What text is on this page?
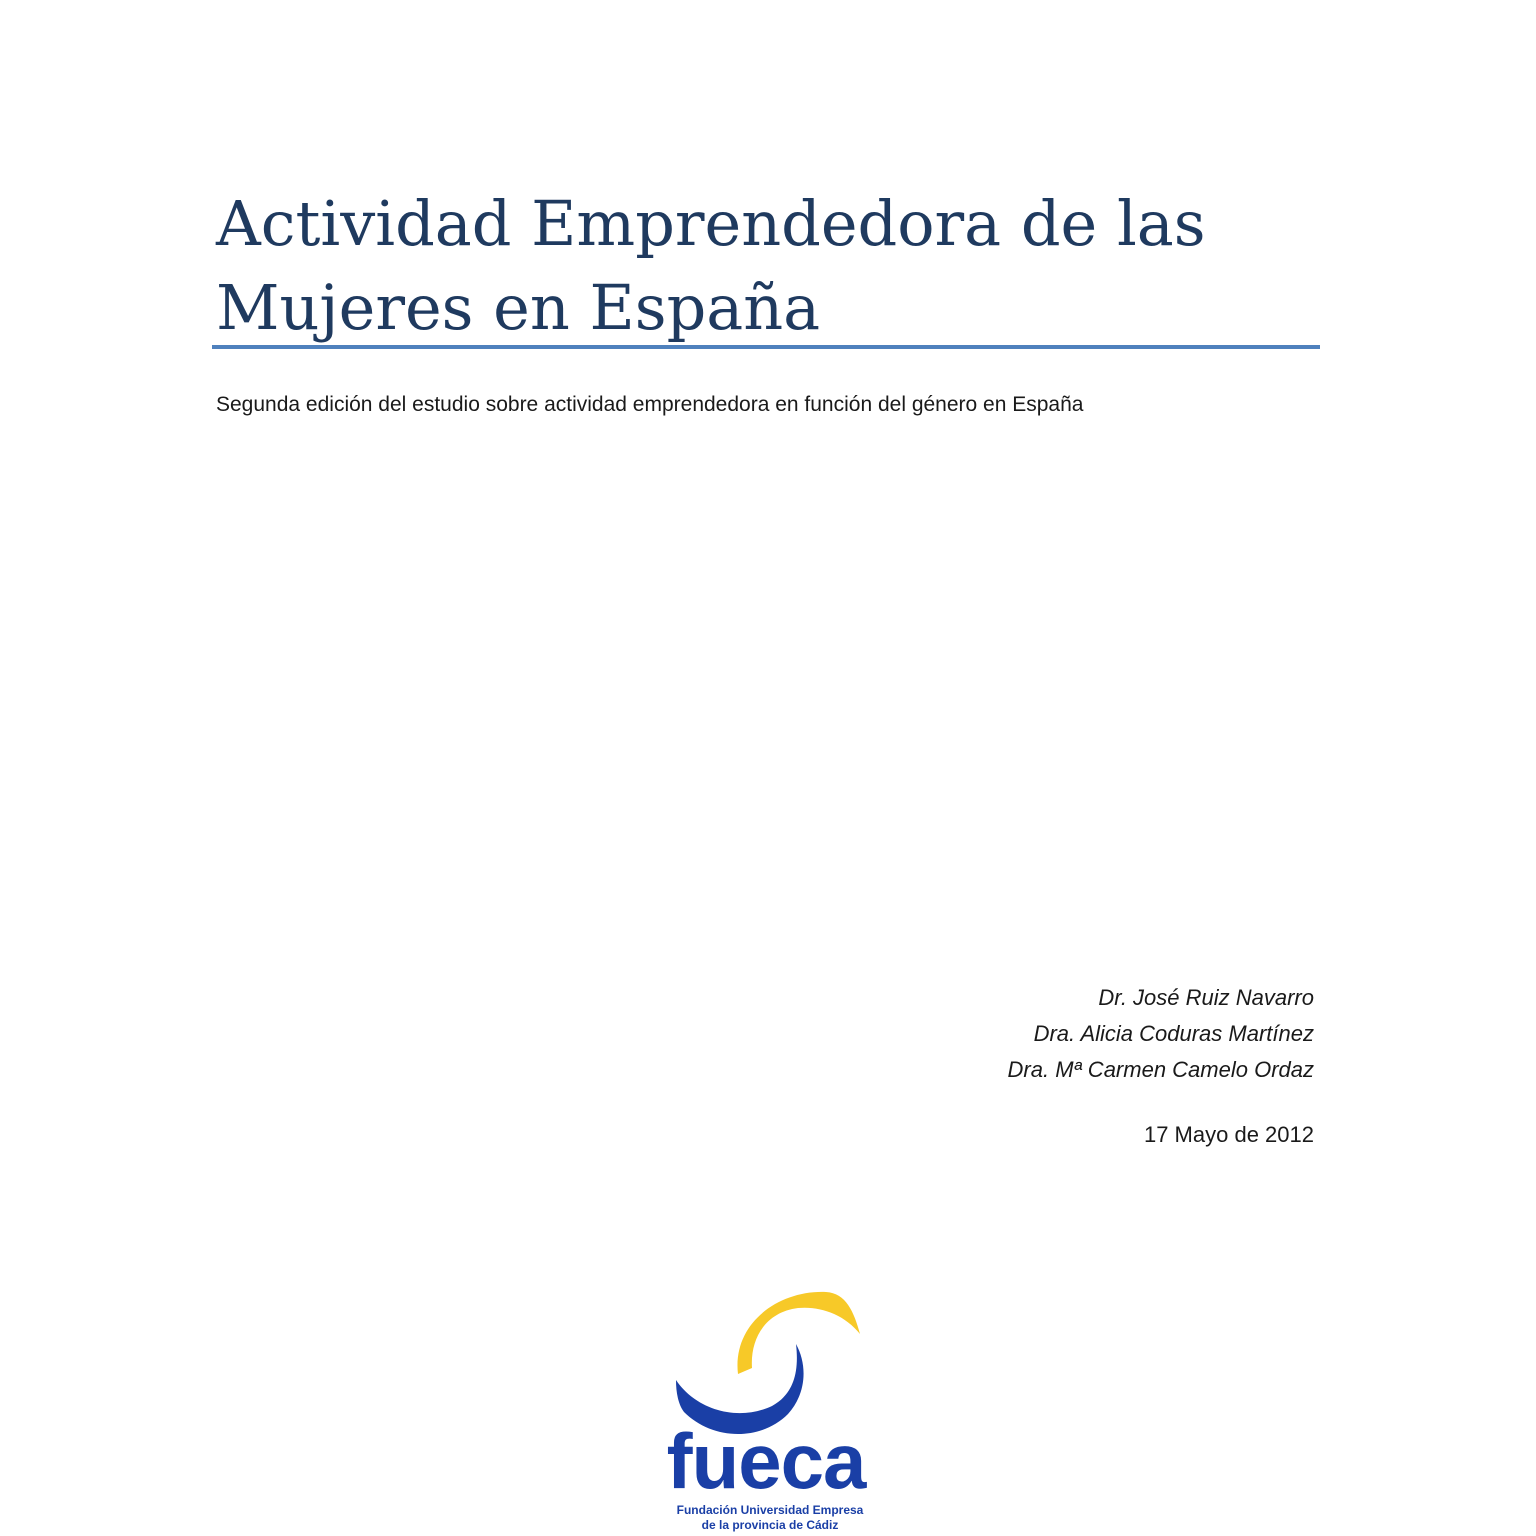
Actividad Emprendedora de las
Mujeres en España
Segunda edición del estudio sobre actividad emprendedora en función del género en España
Dr. José Ruiz Navarro
Dra. Alicia Coduras Martínez
Dra. Mª Carmen Camelo Ordaz
17 Mayo de 2012
fueca
Fundación Universidad Empresa
de la provincia de Cádiz
